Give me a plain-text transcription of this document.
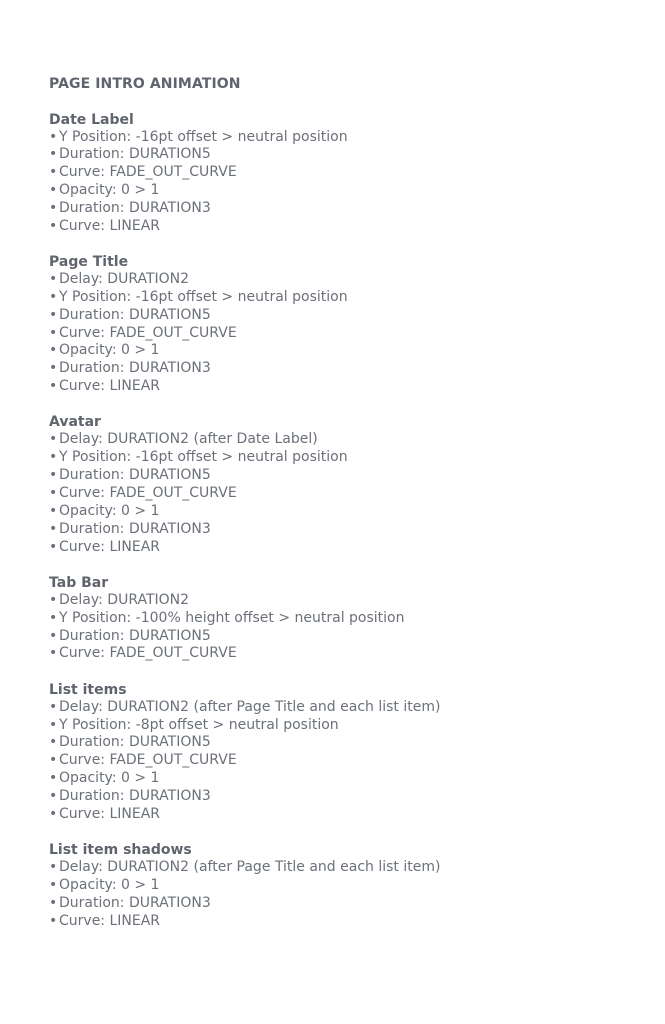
PAGE INTRO ANIMATION
Date Label
• Y Position: -16pt offset > neutral position
• Duration: DURATION5
• Curve: FADE_OUT_CURVE
• Opacity: 0 > 1
• Duration: DURATION3
• Curve: LINEAR
Page Title
• Delay: DURATION2
• Y Position: -16pt offset > neutral position
• Duration: DURATION5
• Curve: FADE_OUT_CURVE
• Opacity: 0 > 1
• Duration: DURATION3
• Curve: LINEAR
Avatar
• Delay: DURATION2 (after Date Label)
• Y Position: -16pt offset > neutral position
• Duration: DURATION5
• Curve: FADE_OUT_CURVE
• Opacity: 0 > 1
• Duration: DURATION3
• Curve: LINEAR
Tab Bar
• Delay: DURATION2
• Y Position: -100% height offset > neutral position
• Duration: DURATION5
• Curve: FADE_OUT_CURVE
List items
• Delay: DURATION2 (after Page Title and each list item)
• Y Position: -8pt offset > neutral position
• Duration: DURATION5
• Curve: FADE_OUT_CURVE
• Opacity: 0 > 1
• Duration: DURATION3
• Curve: LINEAR
List item shadows
• Delay: DURATION2 (after Page Title and each list item)
• Opacity: 0 > 1
• Duration: DURATION3
• Curve: LINEAR
